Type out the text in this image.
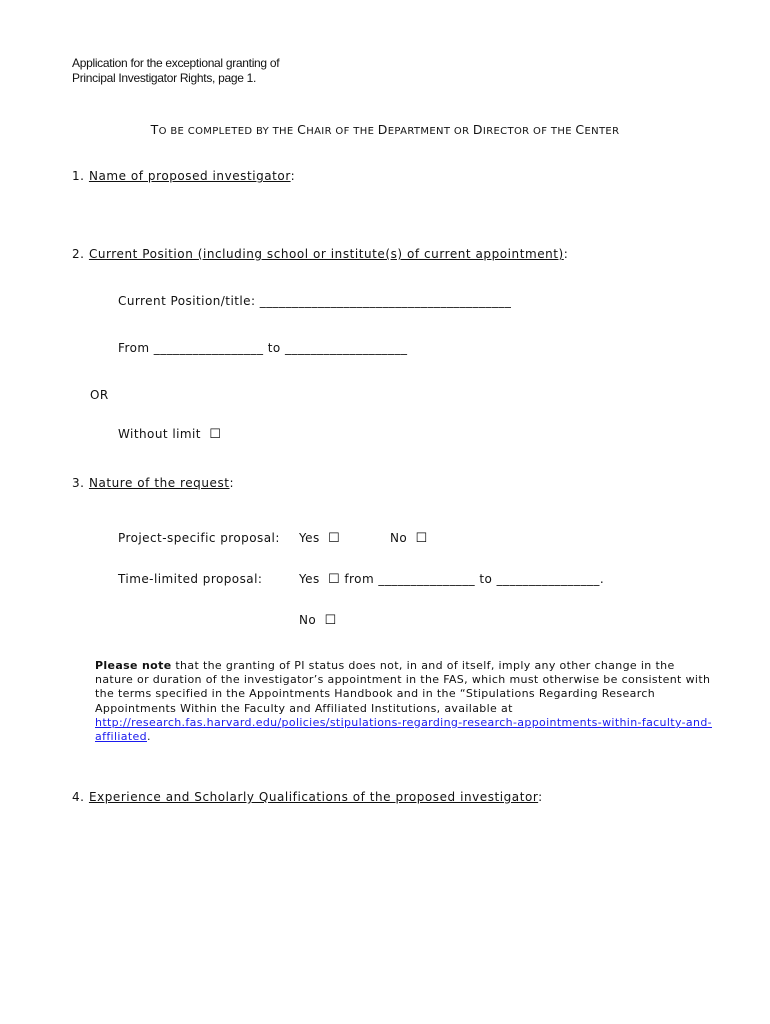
Application for the exceptional granting of
Principal Investigator Rights, page 1.
TO BE COMPLETED BY THE CHAIR OF THE DEPARTMENT OR DIRECTOR OF THE CENTER
1. Name of proposed investigator:
2. Current Position (including school or institute(s) of current appointment):
Current Position/title: _______________________________________
From _________________ to ___________________
OR
Without limit ☐
3. Nature of the request:
Project-specific proposal: Yes ☐	No ☐
Time-limited proposal:	Yes ☐ from _______________ to ________________.
No ☐
Please note that the granting of PI status does not, in and of itself, imply any other change in the nature or duration of the investigator’s appointment in the FAS, which must otherwise be consistent with the terms specified in the Appointments Handbook and in the “Stipulations Regarding Research Appointments Within the Faculty and Affiliated Institutions, available at http://research.fas.harvard.edu/policies/stipulations-regarding-research-appointments-within-faculty-and-affiliated.
4. Experience and Scholarly Qualifications of the proposed investigator:
